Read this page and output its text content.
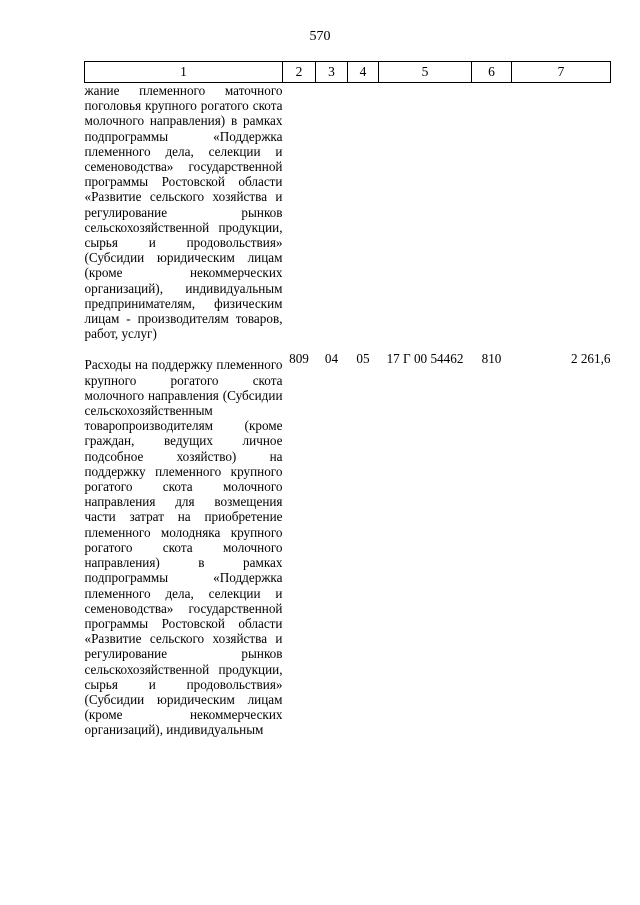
570
1	2	3	4	5	6	7
жание племенного маточного поголовья крупного рогатого скота молочного направления) в рамках подпрограммы «Поддержка племенного дела, селекции и семеноводства» государственной программы Ростовской области «Развитие сельского хозяйства и регулирование рынков сельскохозяйственной продукции, сырья и продовольствия» (Субсидии юридическим лицам (кроме некоммерческих организаций), индивидуальным предпринимателям, физическим лицам - производителям товаров, работ, услуг)						
Расходы на поддержку племенного крупного рогатого скота молочного направления (Субсидии сельскохозяйственным товаропроизводителям (кроме граждан, ведущих личное подсобное хозяйство) на поддержку племенного крупного рогатого скота молочного направления для возмещения части затрат на приобретение племенного молодняка крупного рогатого скота молочного направления) в рамках подпрограммы «Поддержка племенного дела, селекции и семеноводства» государственной программы Ростовской области «Развитие сельского хозяйства и регулирование рынков сельскохозяйственной продукции, сырья и продовольствия» (Субсидии юридическим лицам (кроме некоммерческих организаций), индивидуальным	809	04	05	17 Г 00 54462	810	2 261,6
